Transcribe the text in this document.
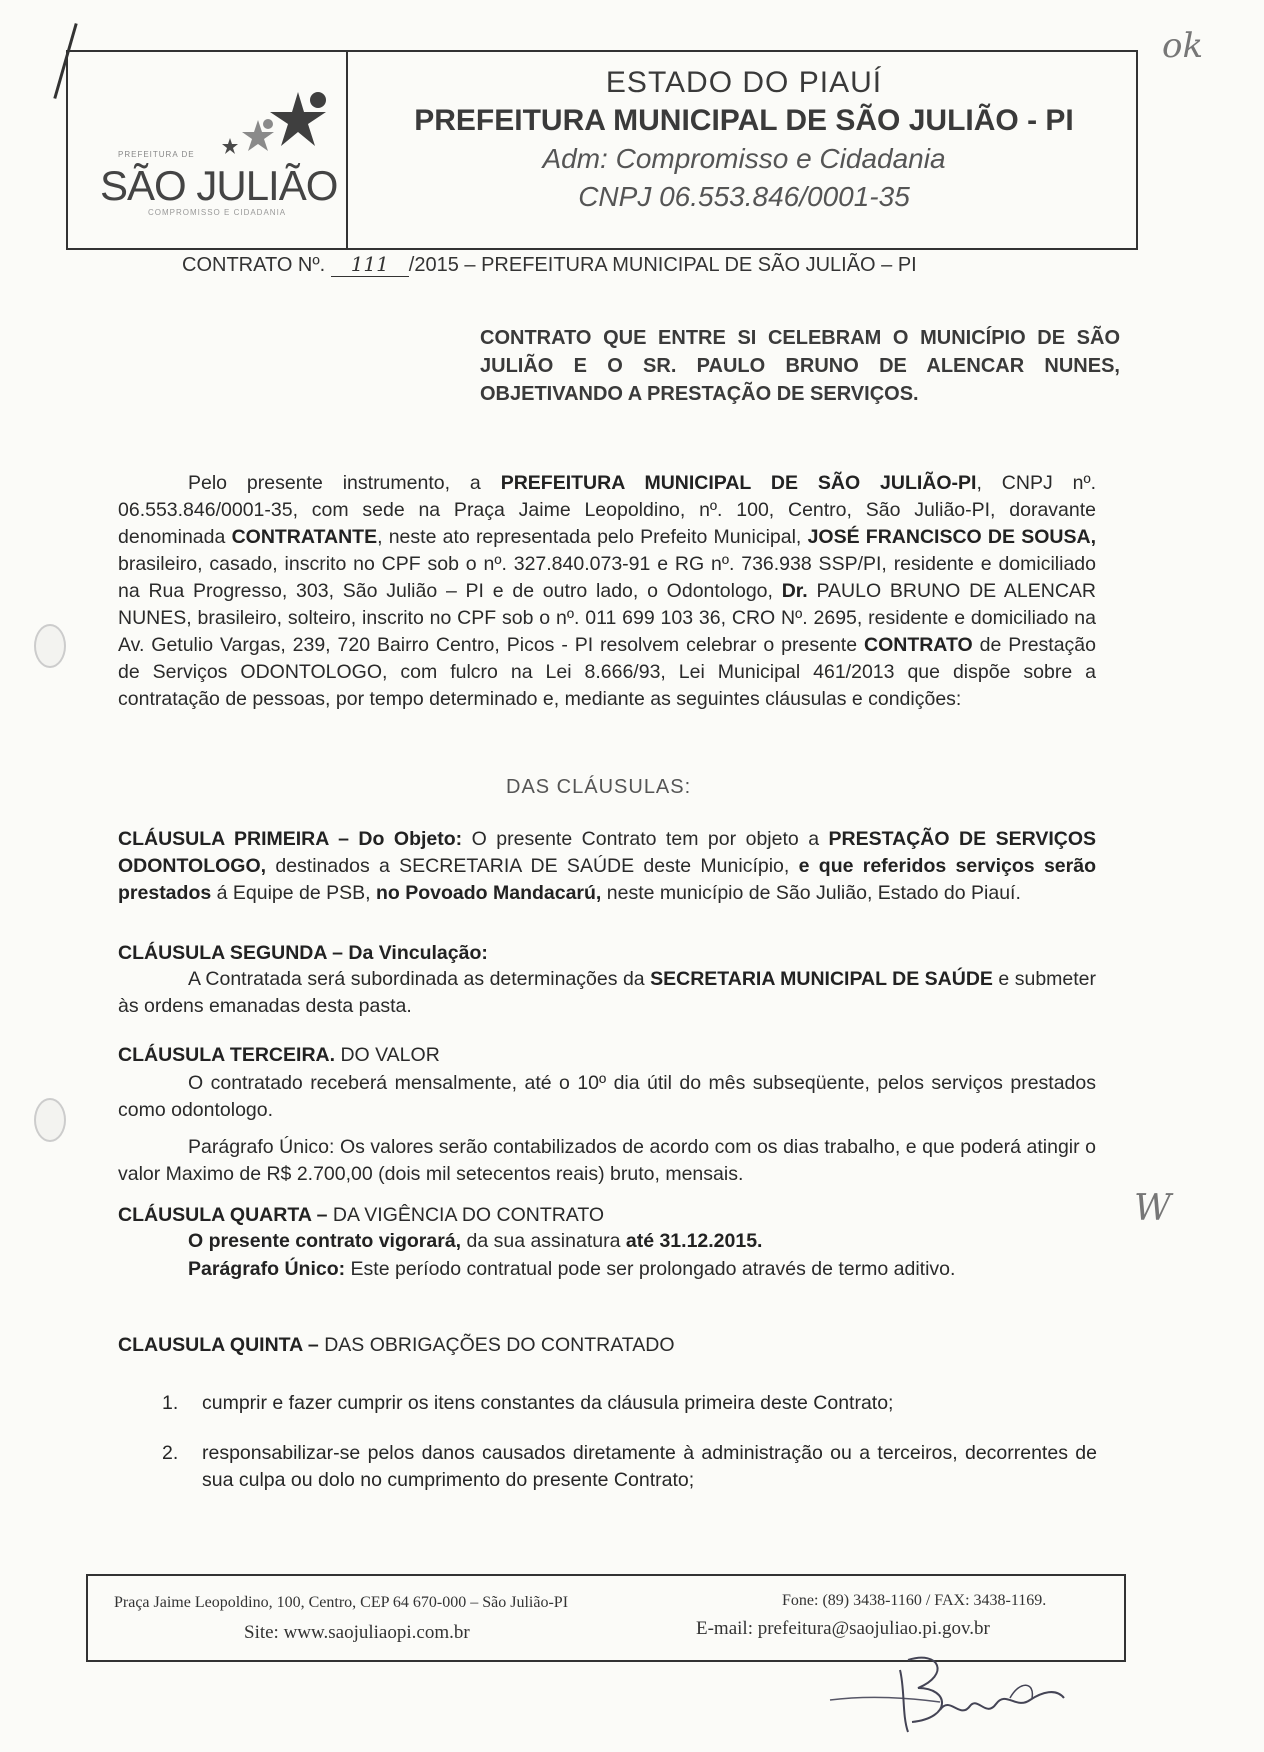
ok
PREFEITURA DE
SÃO JULIÃO
COMPROMISSO E CIDADANIA
ESTADO DO PIAUÍ
PREFEITURA MUNICIPAL DE SÃO JULIÃO - PI
Adm: Compromisso e Cidadania
CNPJ 06.553.846/0001-35
CONTRATO Nº. 111 /2015 – PREFEITURA MUNICIPAL DE SÃO JULIÃO – PI
CONTRATO QUE ENTRE SI CELEBRAM O MUNICÍPIO DE SÃO JULIÃO E O SR. PAULO BRUNO DE ALENCAR NUNES, OBJETIVANDO A PRESTAÇÃO DE SERVIÇOS.
Pelo presente instrumento, a PREFEITURA MUNICIPAL DE SÃO JULIÃO-PI, CNPJ nº. 06.553.846/0001-35, com sede na Praça Jaime Leopoldino, nº. 100, Centro, São Julião-PI, doravante denominada CONTRATANTE, neste ato representada pelo Prefeito Municipal, JOSÉ FRANCISCO DE SOUSA, brasileiro, casado, inscrito no CPF sob o nº. 327.840.073-91 e RG nº. 736.938 SSP/PI, residente e domiciliado na Rua Progresso, 303, São Julião – PI e de outro lado, o Odontologo, Dr. PAULO BRUNO DE ALENCAR NUNES, brasileiro, solteiro, inscrito no CPF sob o nº. 011 699 103 36, CRO Nº. 2695, residente e domiciliado na Av. Getulio Vargas, 239, 720 Bairro Centro, Picos - PI resolvem celebrar o presente CONTRATO de Prestação de Serviços ODONTOLOGO, com fulcro na Lei 8.666/93, Lei Municipal 461/2013 que dispõe sobre a contratação de pessoas, por tempo determinado e, mediante as seguintes cláusulas e condições:
DAS CLÁUSULAS:
CLÁUSULA PRIMEIRA – Do Objeto: O presente Contrato tem por objeto a PRESTAÇÃO DE SERVIÇOS ODONTOLOGO, destinados a SECRETARIA DE SAÚDE deste Município, e que referidos serviços serão prestados á Equipe de PSB, no Povoado Mandacarú, neste município de São Julião, Estado do Piauí.
CLÁUSULA SEGUNDA – Da Vinculação:
A Contratada será subordinada as determinações da SECRETARIA MUNICIPAL DE SAÚDE e submeter às ordens emanadas desta pasta.
CLÁUSULA TERCEIRA. DO VALOR
O contratado receberá mensalmente, até o 10º dia útil do mês subseqüente, pelos serviços prestados como odontologo.
Parágrafo Único: Os valores serão contabilizados de acordo com os dias trabalho, e que poderá atingir o valor Maximo de R$ 2.700,00 (dois mil setecentos reais) bruto, mensais.
CLÁUSULA QUARTA – DA VIGÊNCIA DO CONTRATO
O presente contrato vigorará, da sua assinatura até 31.12.2015.
Parágrafo Único: Este período contratual pode ser prolongado através de termo aditivo.
W
CLAUSULA QUINTA – DAS OBRIGAÇÕES DO CONTRATADO
1. cumprir e fazer cumprir os itens constantes da cláusula primeira deste Contrato;
2. responsabilizar-se pelos danos causados diretamente à administração ou a terceiros, decorrentes de sua culpa ou dolo no cumprimento do presente Contrato;
Praça Jaime Leopoldino, 100, Centro, CEP 64 670-000 – São Julião-PI	Fone: (89) 3438-1160 / FAX: 3438-1169.
Site: www.saojuliaopi.com.br	E-mail: prefeitura@saojuliao.pi.gov.br
